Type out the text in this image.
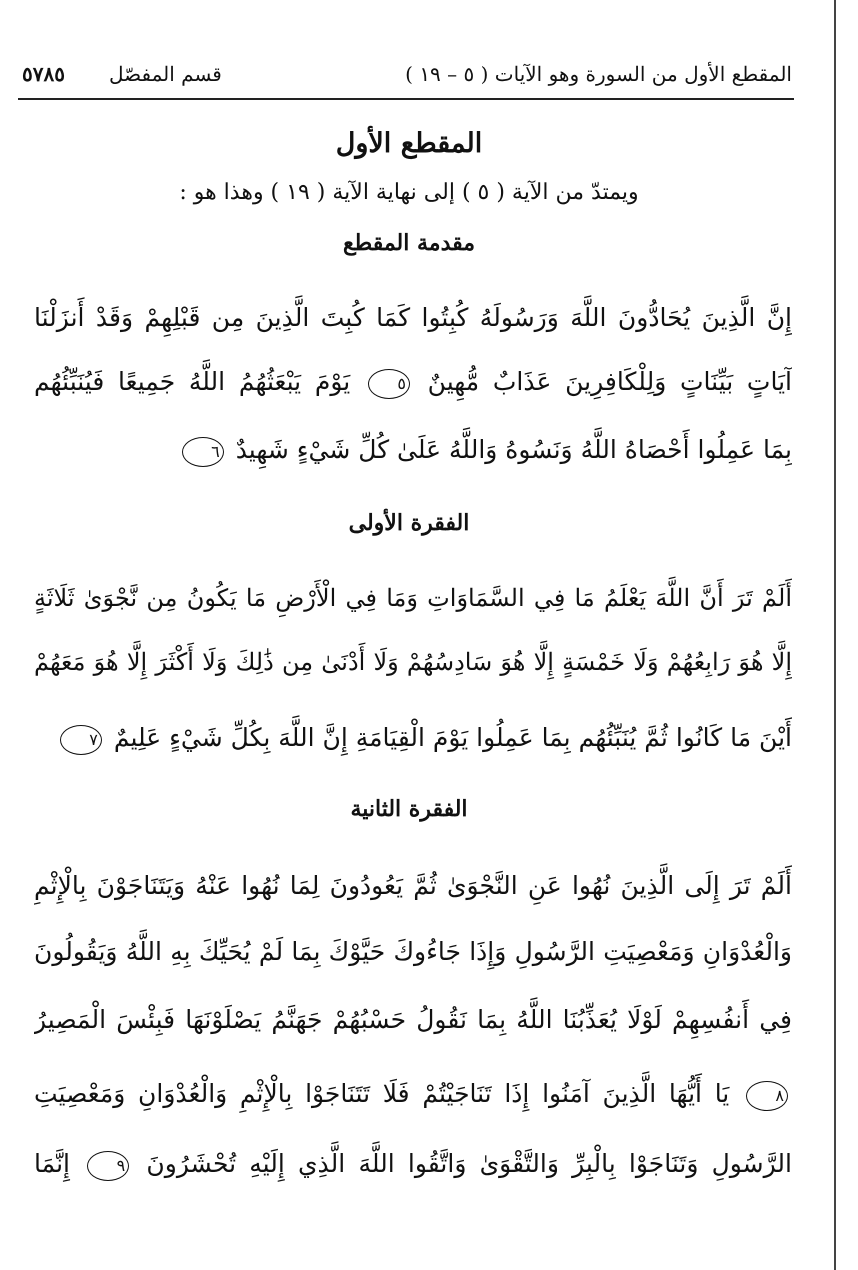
المقطع الأول من السورة وهو الآيات ( ٥ – ١٩ )
قسم المفصّل
٥٧٨٥
المقطع الأول
ويمتدّ من الآية ( ٥ ) إلى نهاية الآية ( ١٩ ) وهذا هو :
مقدمة المقطع
إِنَّ الَّذِينَ يُحَادُّونَ اللَّهَ وَرَسُولَهُ كُبِتُوا كَمَا كُبِتَ الَّذِينَ مِن قَبْلِهِمْ وَقَدْ أَنزَلْنَا
آيَاتٍ بَيِّنَاتٍ وَلِلْكَافِرِينَ عَذَابٌ مُّهِينٌ ٥ يَوْمَ يَبْعَثُهُمُ اللَّهُ جَمِيعًا فَيُنَبِّئُهُم
بِمَا عَمِلُوا أَحْصَاهُ اللَّهُ وَنَسُوهُ وَاللَّهُ عَلَىٰ كُلِّ شَيْءٍ شَهِيدٌ ٦
الفقرة الأولى
أَلَمْ تَرَ أَنَّ اللَّهَ يَعْلَمُ مَا فِي السَّمَاوَاتِ وَمَا فِي الْأَرْضِ مَا يَكُونُ مِن نَّجْوَىٰ ثَلَاثَةٍ
إِلَّا هُوَ رَابِعُهُمْ وَلَا خَمْسَةٍ إِلَّا هُوَ سَادِسُهُمْ وَلَا أَدْنَىٰ مِن ذَٰلِكَ وَلَا أَكْثَرَ إِلَّا هُوَ مَعَهُمْ
أَيْنَ مَا كَانُوا ثُمَّ يُنَبِّئُهُم بِمَا عَمِلُوا يَوْمَ الْقِيَامَةِ إِنَّ اللَّهَ بِكُلِّ شَيْءٍ عَلِيمٌ ٧
الفقرة الثانية
أَلَمْ تَرَ إِلَى الَّذِينَ نُهُوا عَنِ النَّجْوَىٰ ثُمَّ يَعُودُونَ لِمَا نُهُوا عَنْهُ وَيَتَنَاجَوْنَ بِالْإِثْمِ
وَالْعُدْوَانِ وَمَعْصِيَتِ الرَّسُولِ وَإِذَا جَاءُوكَ حَيَّوْكَ بِمَا لَمْ يُحَيِّكَ بِهِ اللَّهُ وَيَقُولُونَ
فِي أَنفُسِهِمْ لَوْلَا يُعَذِّبُنَا اللَّهُ بِمَا نَقُولُ حَسْبُهُمْ جَهَنَّمُ يَصْلَوْنَهَا فَبِئْسَ الْمَصِيرُ
٨ يَا أَيُّهَا الَّذِينَ آمَنُوا إِذَا تَنَاجَيْتُمْ فَلَا تَتَنَاجَوْا بِالْإِثْمِ وَالْعُدْوَانِ وَمَعْصِيَتِ
الرَّسُولِ وَتَنَاجَوْا بِالْبِرِّ وَالتَّقْوَىٰ وَاتَّقُوا اللَّهَ الَّذِي إِلَيْهِ تُحْشَرُونَ ٩ إِنَّمَا
